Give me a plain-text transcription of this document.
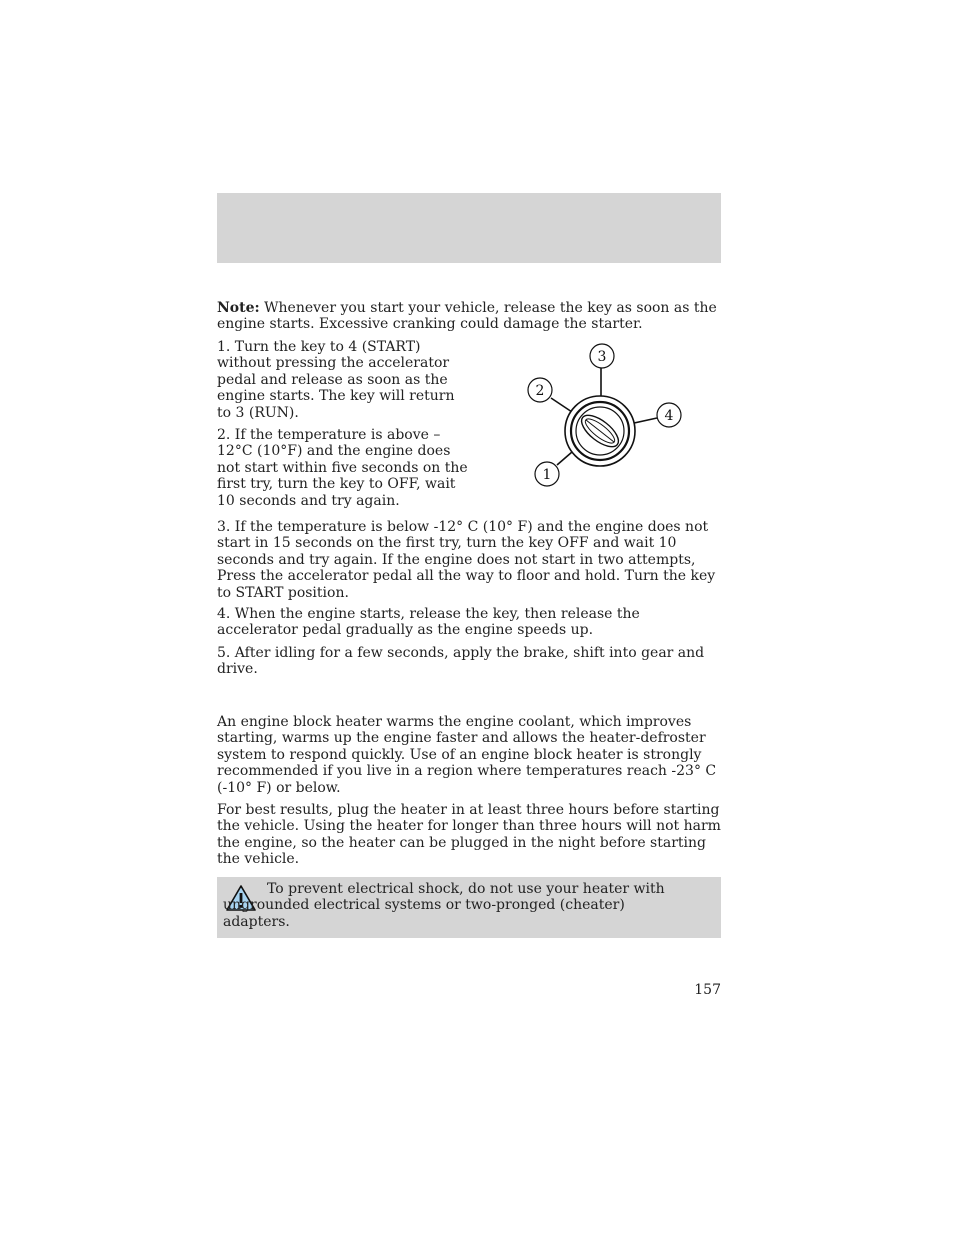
Note: Whenever you start your vehicle, release the key as soon as the engine starts. Excessive cranking could damage the starter.

1. Turn the key to 4 (START) without pressing the accelerator pedal and release as soon as the engine starts. The key will return to 3 (RUN).

2. If the temperature is above –12°C (10°F) and the engine does not start within five seconds on the first try, turn the key to OFF, wait 10 seconds and try again.

3
2
4
1

3. If the temperature is below -12° C (10° F) and the engine does not start in 15 seconds on the first try, turn the key OFF and wait 10 seconds and try again. If the engine does not start in two attempts, Press the accelerator pedal all the way to floor and hold. Turn the key to START position.

4. When the engine starts, release the key, then release the accelerator pedal gradually as the engine speeds up.

5. After idling for a few seconds, apply the brake, shift into gear and drive.

An engine block heater warms the engine coolant, which improves starting, warms up the engine faster and allows the heater-defroster system to respond quickly. Use of an engine block heater is strongly recommended if you live in a region where temperatures reach -23° C (-10° F) or below.

For best results, plug the heater in at least three hours before starting the vehicle. Using the heater for longer than three hours will not harm the engine, so the heater can be plugged in the night before starting the vehicle.

To prevent electrical shock, do not use your heater with ungrounded electrical systems or two-pronged (cheater) adapters.

157
